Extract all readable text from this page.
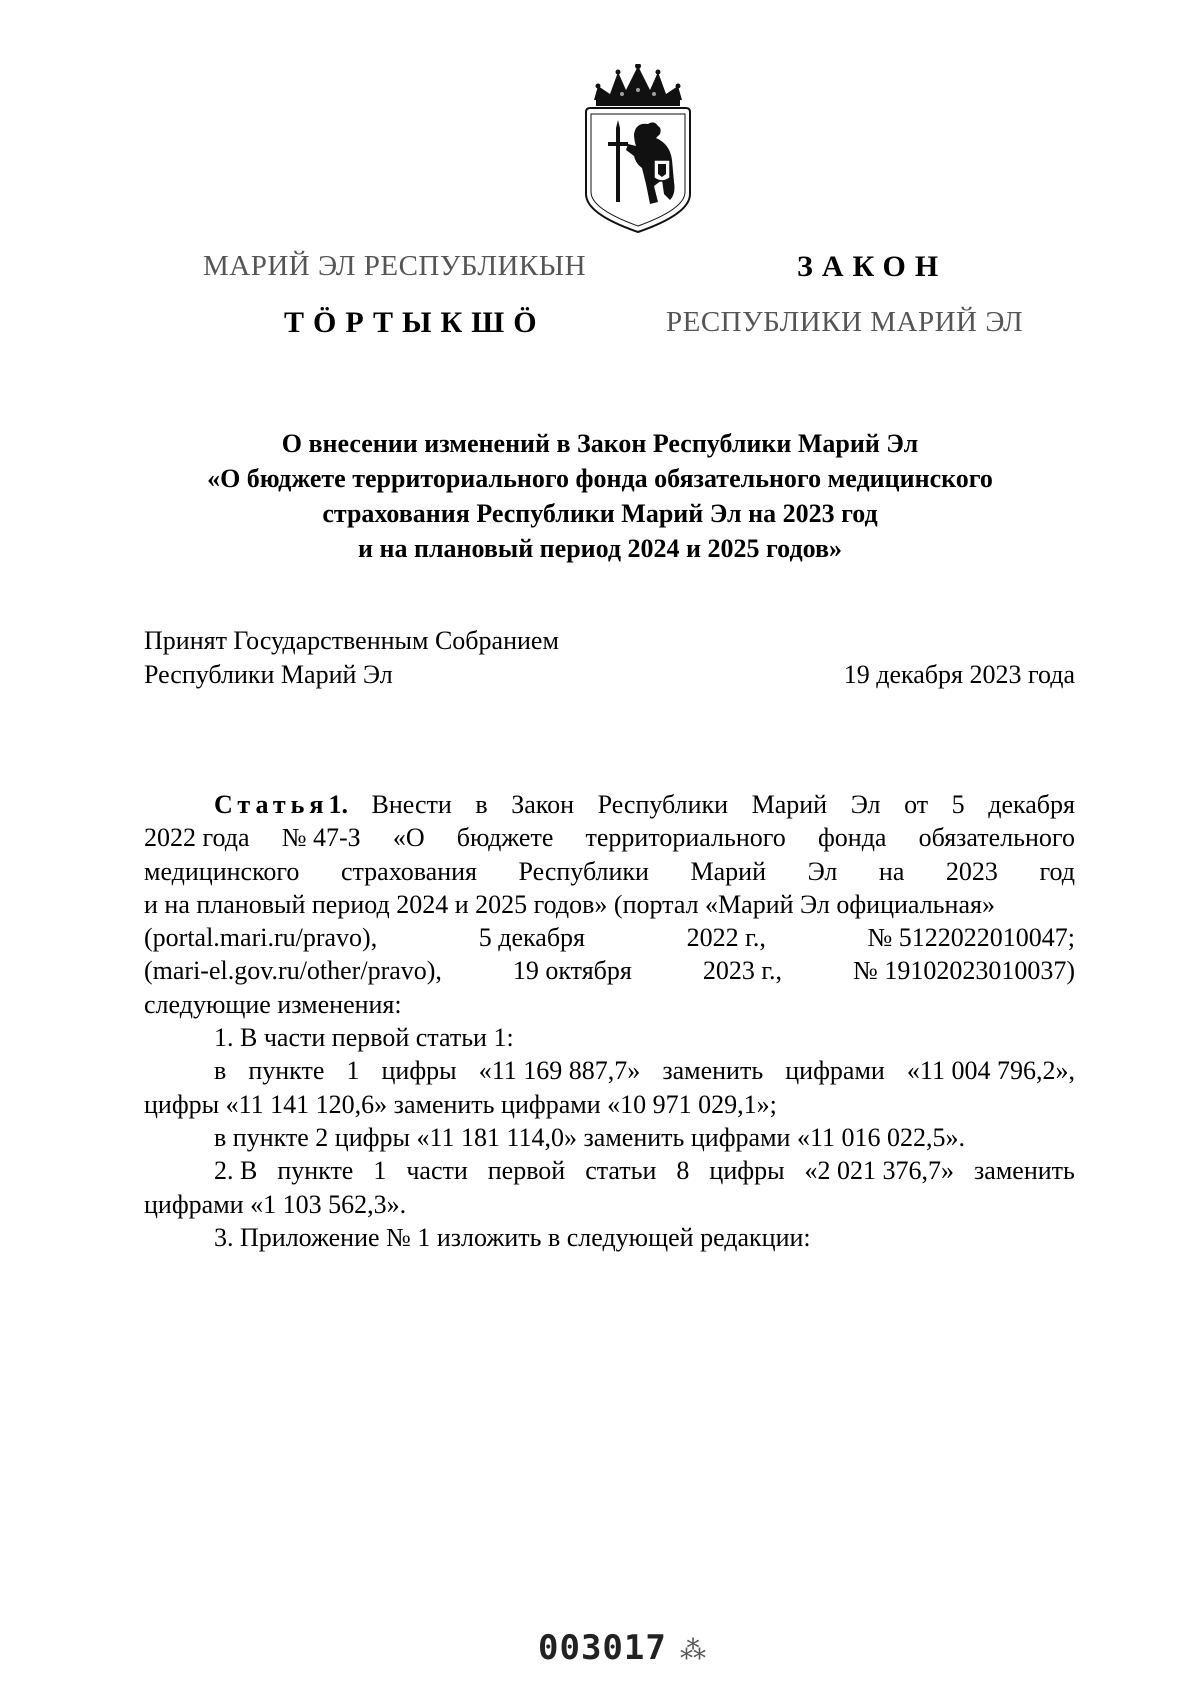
МАРИЙ ЭЛ РЕСПУБЛИКЫН
ТӦРТЫКШӦ
ЗАКОН
РЕСПУБЛИКИ МАРИЙ ЭЛ
О внесении изменений в Закон Республики Марий Эл
«О бюджете территориального фонда обязательного медицинского
страхования Республики Марий Эл на 2023 год
и на плановый период 2024 и 2025 годов»
Принят Государственным Собранием
Республики Марий Эл	19 декабря 2023 года
Статья1. Внести в Закон Республики Марий Эл от 5 декабря
2022 года № 47-З «О бюджете территориального фонда обязательного
медицинского страхования Республики Марий Эл на 2023 год
и на плановый период 2024 и 2025 годов» (портал «Марий Эл официальная»
(portal.mari.ru/pravo),	5 декабря	2022 г.,	№ 5122022010047;
(mari-el.gov.ru/other/pravo),	19 октября	2023 г.,	№ 19102023010037)
следующие изменения:
1. В части первой статьи 1:
в пункте 1 цифры «11 169 887,7» заменить цифрами «11 004 796,2»,
цифры «11 141 120,6» заменить цифрами «10 971 029,1»;
в пункте 2 цифры «11 181 114,0» заменить цифрами «11 016 022,5».
2. В пункте 1 части первой статьи 8 цифры «2 021 376,7» заменить
цифрами «1 103 562,3».
3. Приложение № 1 изложить в следующей редакции:
003017 ⁂
